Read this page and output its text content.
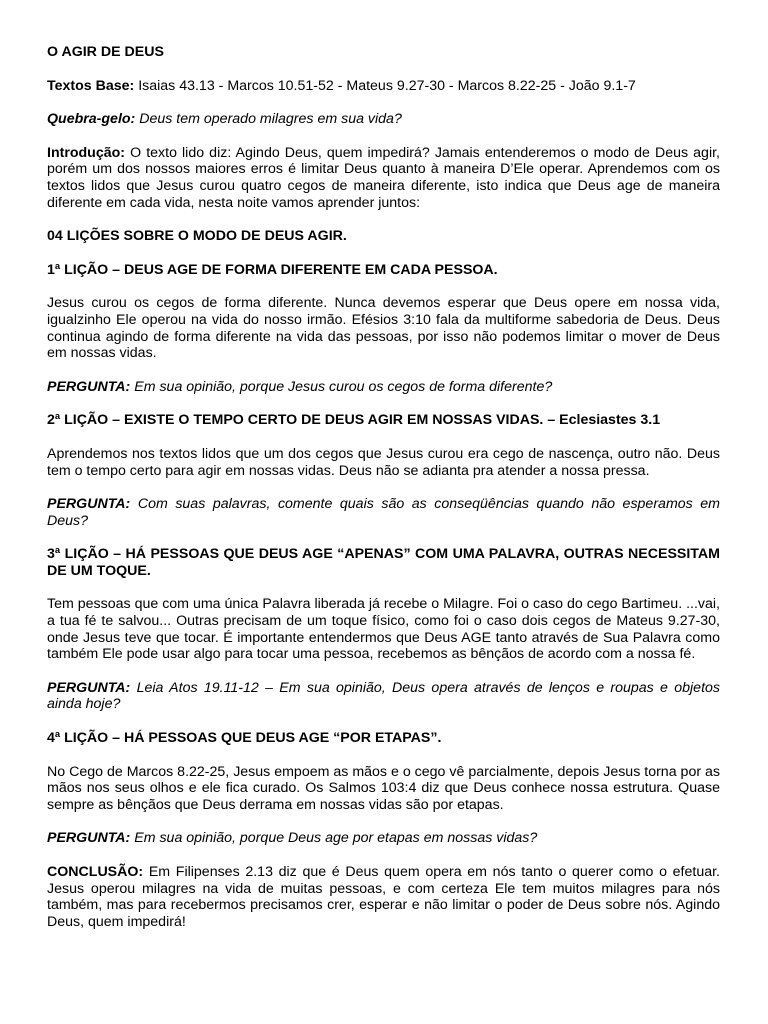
O AGIR DE DEUS

Textos Base: Isaias 43.13 - Marcos 10.51-52 - Mateus 9.27-30 - Marcos 8.22-25 - João 9.1-7

Quebra-gelo: Deus tem operado milagres em sua vida?

Introdução: O texto lido diz: Agindo Deus, quem impedirá? Jamais entenderemos o modo de Deus agir, porém um dos nossos maiores erros é limitar Deus quanto à maneira D’Ele operar. Aprendemos com os textos lidos que Jesus curou quatro cegos de maneira diferente, isto indica que Deus age de maneira diferente em cada vida, nesta noite vamos aprender juntos:

04 LIÇÕES SOBRE O MODO DE DEUS AGIR.

1ª LIÇÃO – DEUS AGE DE FORMA DIFERENTE EM CADA PESSOA.

Jesus curou os cegos de forma diferente. Nunca devemos esperar que Deus opere em nossa vida, igualzinho Ele operou na vida do nosso irmão. Efésios 3:10 fala da multiforme sabedoria de Deus. Deus continua agindo de forma diferente na vida das pessoas, por isso não podemos limitar o mover de Deus em nossas vidas.

PERGUNTA: Em sua opinião, porque Jesus curou os cegos de forma diferente?

2ª LIÇÃO – EXISTE O TEMPO CERTO DE DEUS AGIR EM NOSSAS VIDAS. – Eclesiastes 3.1

Aprendemos nos textos lidos que um dos cegos que Jesus curou era cego de nascença, outro não. Deus tem o tempo certo para agir em nossas vidas. Deus não se adianta pra atender a nossa pressa.

PERGUNTA: Com suas palavras, comente quais são as conseqüências quando não esperamos em Deus?

3ª LIÇÃO – HÁ PESSOAS QUE DEUS AGE “APENAS” COM UMA PALAVRA, OUTRAS NECESSITAM DE UM TOQUE.

Tem pessoas que com uma única Palavra liberada já recebe o Milagre. Foi o caso do cego Bartimeu. ...vai, a tua fé te salvou... Outras precisam de um toque físico, como foi o caso dois cegos de Mateus 9.27-30, onde Jesus teve que tocar. É importante entendermos que Deus AGE tanto através de Sua Palavra como também Ele pode usar algo para tocar uma pessoa, recebemos as bênçãos de acordo com a nossa fé.

PERGUNTA: Leia Atos 19.11-12 – Em sua opinião, Deus opera através de lenços e roupas e objetos ainda hoje?

4ª LIÇÃO – HÁ PESSOAS QUE DEUS AGE “POR ETAPAS”.

No Cego de Marcos 8.22-25, Jesus empoem as mãos e o cego vê parcialmente, depois Jesus torna por as mãos nos seus olhos e ele fica curado. Os Salmos 103:4 diz que Deus conhece nossa estrutura. Quase sempre as bênçãos que Deus derrama em nossas vidas são por etapas.

PERGUNTA: Em sua opinião, porque Deus age por etapas em nossas vidas?

CONCLUSÃO: Em Filipenses 2.13 diz que é Deus quem opera em nós tanto o querer como o efetuar. Jesus operou milagres na vida de muitas pessoas, e com certeza Ele tem muitos milagres para nós também, mas para recebermos precisamos crer, esperar e não limitar o poder de Deus sobre nós. Agindo Deus, quem impedirá!
